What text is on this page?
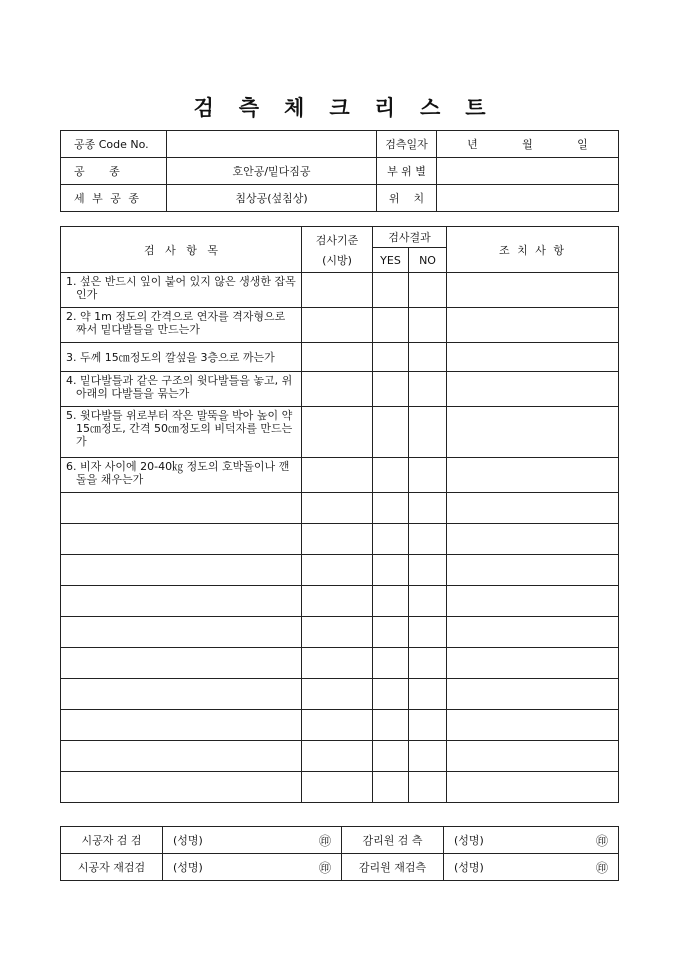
검 측 체 크 리 스 트
공종 Code No.		검측일자	년 월 일

공       종	호안공/밑다짐공	부 위 별	
세 부 공 종	침상공(섶침상)	위    치	
검   사   항   목	검사기준
(시방)	검사결과		조 치 사 항
		YES	NO	

1. 섶은 반드시 잎이 붙어 있지 않은 생생한 잡목인가				

2. 약 1m 정도의 간격으로 연자를 격자형으로 짜서 밑다발틀을 만드는가				

3. 두께 15㎝정도의 깔섶을 3층으로 까는가				

4. 밑다발틀과 같은 구조의 윗다발틀을 놓고, 위아래의 다발틀을 묶는가				

5. 윗다발틀 위로부터 작은 말뚝을 박아 높이 약15㎝정도, 간격 50㎝정도의 비덕자를 만드는가				

6. 비자 사이에 20-40㎏ 정도의 호박돌이나 깬돌을 채우는가				

시공자 검 검	(성명) ㊞	감리원 검 측	(성명) ㊞

시공자 재검검	(성명) ㊞	감리원 재검측	(성명) ㊞
